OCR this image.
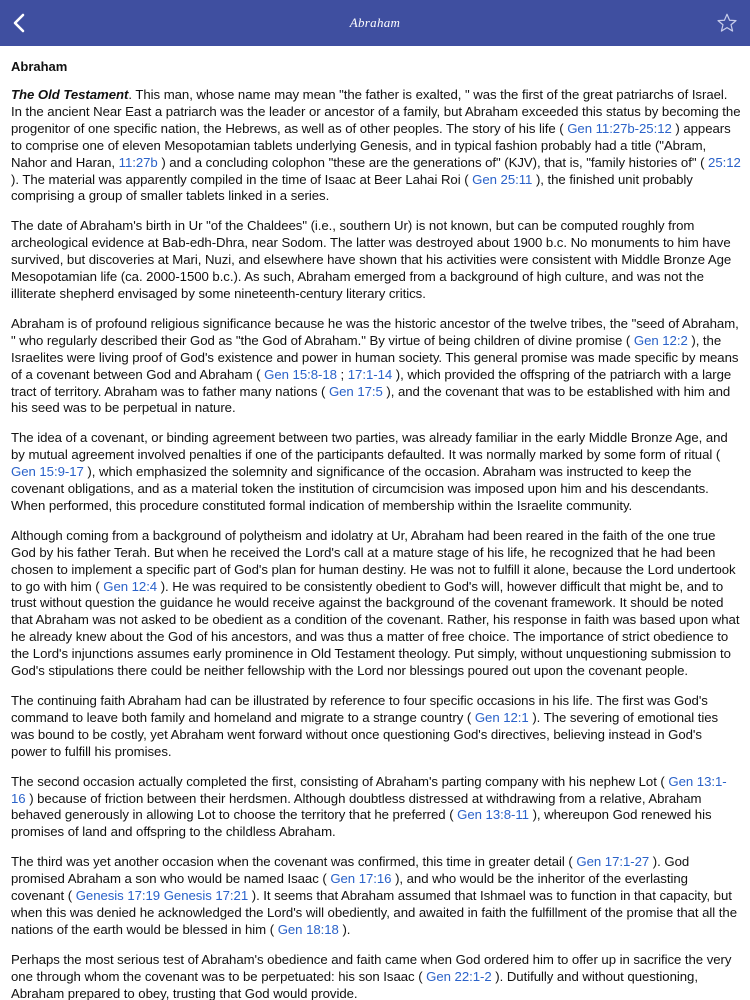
Abraham
Abraham

The Old Testament. This man, whose name may mean "the father is exalted, " was the first of the great patriarchs of Israel. In the ancient Near East a patriarch was the leader or ancestor of a family, but Abraham exceeded this status by becoming the progenitor of one specific nation, the Hebrews, as well as of other peoples. The story of his life ( Gen 11:27b-25:12 ) appears to comprise one of eleven Mesopotamian tablets underlying Genesis, and in typical fashion probably had a title ("Abram, Nahor and Haran, 11:27b ) and a concluding colophon "these are the generations of" (KJV), that is, "family histories of" ( 25:12 ). The material was apparently compiled in the time of Isaac at Beer Lahai Roi ( Gen 25:11 ), the finished unit probably comprising a group of smaller tablets linked in a series.

The date of Abraham's birth in Ur "of the Chaldees" (i.e., southern Ur) is not known, but can be computed roughly from archeological evidence at Bab-edh-Dhra, near Sodom. The latter was destroyed about 1900 b.c. No monuments to him have survived, but discoveries at Mari, Nuzi, and elsewhere have shown that his activities were consistent with Middle Bronze Age Mesopotamian life (ca. 2000-1500 b.c.). As such, Abraham emerged from a background of high culture, and was not the illiterate shepherd envisaged by some nineteenth-century literary critics.

Abraham is of profound religious significance because he was the historic ancestor of the twelve tribes, the "seed of Abraham, " who regularly described their God as "the God of Abraham." By virtue of being children of divine promise ( Gen 12:2 ), the Israelites were living proof of God's existence and power in human society. This general promise was made specific by means of a covenant between God and Abraham ( Gen 15:8-18 ; 17:1-14 ), which provided the offspring of the patriarch with a large tract of territory. Abraham was to father many nations ( Gen 17:5 ), and the covenant that was to be established with him and his seed was to be perpetual in nature.

The idea of a covenant, or binding agreement between two parties, was already familiar in the early Middle Bronze Age, and by mutual agreement involved penalties if one of the participants defaulted. It was normally marked by some form of ritual ( Gen 15:9-17 ), which emphasized the solemnity and significance of the occasion. Abraham was instructed to keep the covenant obligations, and as a material token the institution of circumcision was imposed upon him and his descendants. When performed, this procedure constituted formal indication of membership within the Israelite community.

Although coming from a background of polytheism and idolatry at Ur, Abraham had been reared in the faith of the one true God by his father Terah. But when he received the Lord's call at a mature stage of his life, he recognized that he had been chosen to implement a specific part of God's plan for human destiny. He was not to fulfill it alone, because the Lord undertook to go with him ( Gen 12:4 ). He was required to be consistently obedient to God's will, however difficult that might be, and to trust without question the guidance he would receive against the background of the covenant framework. It should be noted that Abraham was not asked to be obedient as a condition of the covenant. Rather, his response in faith was based upon what he already knew about the God of his ancestors, and was thus a matter of free choice. The importance of strict obedience to the Lord's injunctions assumes early prominence in Old Testament theology. Put simply, without unquestioning submission to God's stipulations there could be neither fellowship with the Lord nor blessings poured out upon the covenant people.

The continuing faith Abraham had can be illustrated by reference to four specific occasions in his life. The first was God's command to leave both family and homeland and migrate to a strange country ( Gen 12:1 ). The severing of emotional ties was bound to be costly, yet Abraham went forward without once questioning God's directives, believing instead in God's power to fulfill his promises.

The second occasion actually completed the first, consisting of Abraham's parting company with his nephew Lot ( Gen 13:1-16 ) because of friction between their herdsmen. Although doubtless distressed at withdrawing from a relative, Abraham behaved generously in allowing Lot to choose the territory that he preferred ( Gen 13:8-11 ), whereupon God renewed his promises of land and offspring to the childless Abraham.

The third was yet another occasion when the covenant was confirmed, this time in greater detail ( Gen 17:1-27 ). God promised Abraham a son who would be named Isaac ( Gen 17:16 ), and who would be the inheritor of the everlasting covenant ( Genesis 17:19 Genesis 17:21 ). It seems that Abraham assumed that Ishmael was to function in that capacity, but when this was denied he acknowledged the Lord's will obediently, and awaited in faith the fulfillment of the promise that all the nations of the earth would be blessed in him ( Gen 18:18 ).

Perhaps the most serious test of Abraham's obedience and faith came when God ordered him to offer up in sacrifice the very one through whom the covenant was to be perpetuated: his son Isaac ( Gen 22:1-2 ). Dutifully and without questioning, Abraham prepared to obey, trusting that God would provide.
